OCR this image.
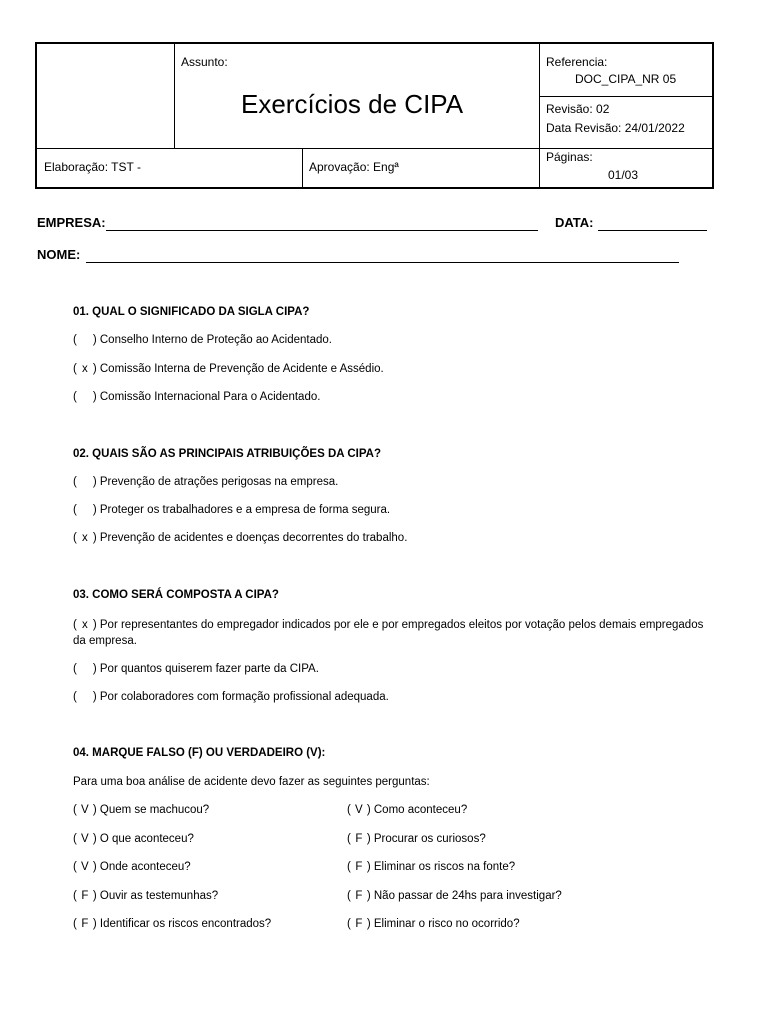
Assunto:
Exercícios de CIPA
Referencia:
DOC_CIPA_NR 05
Revisão: 02
Data Revisão: 24/01/2022
Elaboração: TST -	Aprovação: Engª
Páginas:
01/03
EMPRESA:	DATA:
NOME:
01. QUAL O SIGNIFICADO DA SIGLA CIPA?
( ) Conselho Interno de Proteção ao Acidentado.
( x ) Comissão Interna de Prevenção de Acidente e Assédio.
( ) Comissão Internacional Para o Acidentado.
02. QUAIS SÃO AS PRINCIPAIS ATRIBUIÇÕES DA CIPA?
( ) Prevenção de atrações perigosas na empresa.
( ) Proteger os trabalhadores e a empresa de forma segura.
( x ) Prevenção de acidentes e doenças decorrentes do trabalho.
03. COMO SERÁ COMPOSTA A CIPA?
( x ) Por representantes do empregador indicados por ele e por empregados eleitos por votação pelos demais empregados da empresa.
( ) Por quantos quiserem fazer parte da CIPA.
( ) Por colaboradores com formação profissional adequada.
04. MARQUE FALSO (F) OU VERDADEIRO (V):
Para uma boa análise de acidente devo fazer as seguintes perguntas:
( V ) Quem se machucou?
( V ) O que aconteceu?
( V ) Onde aconteceu?
( F ) Ouvir as testemunhas?
( F ) Identificar os riscos encontrados?
( V ) Como aconteceu?
( F ) Procurar os curiosos?
( F ) Eliminar os riscos na fonte?
( F ) Não passar de 24hs para investigar?
( F ) Eliminar o risco no ocorrido?
